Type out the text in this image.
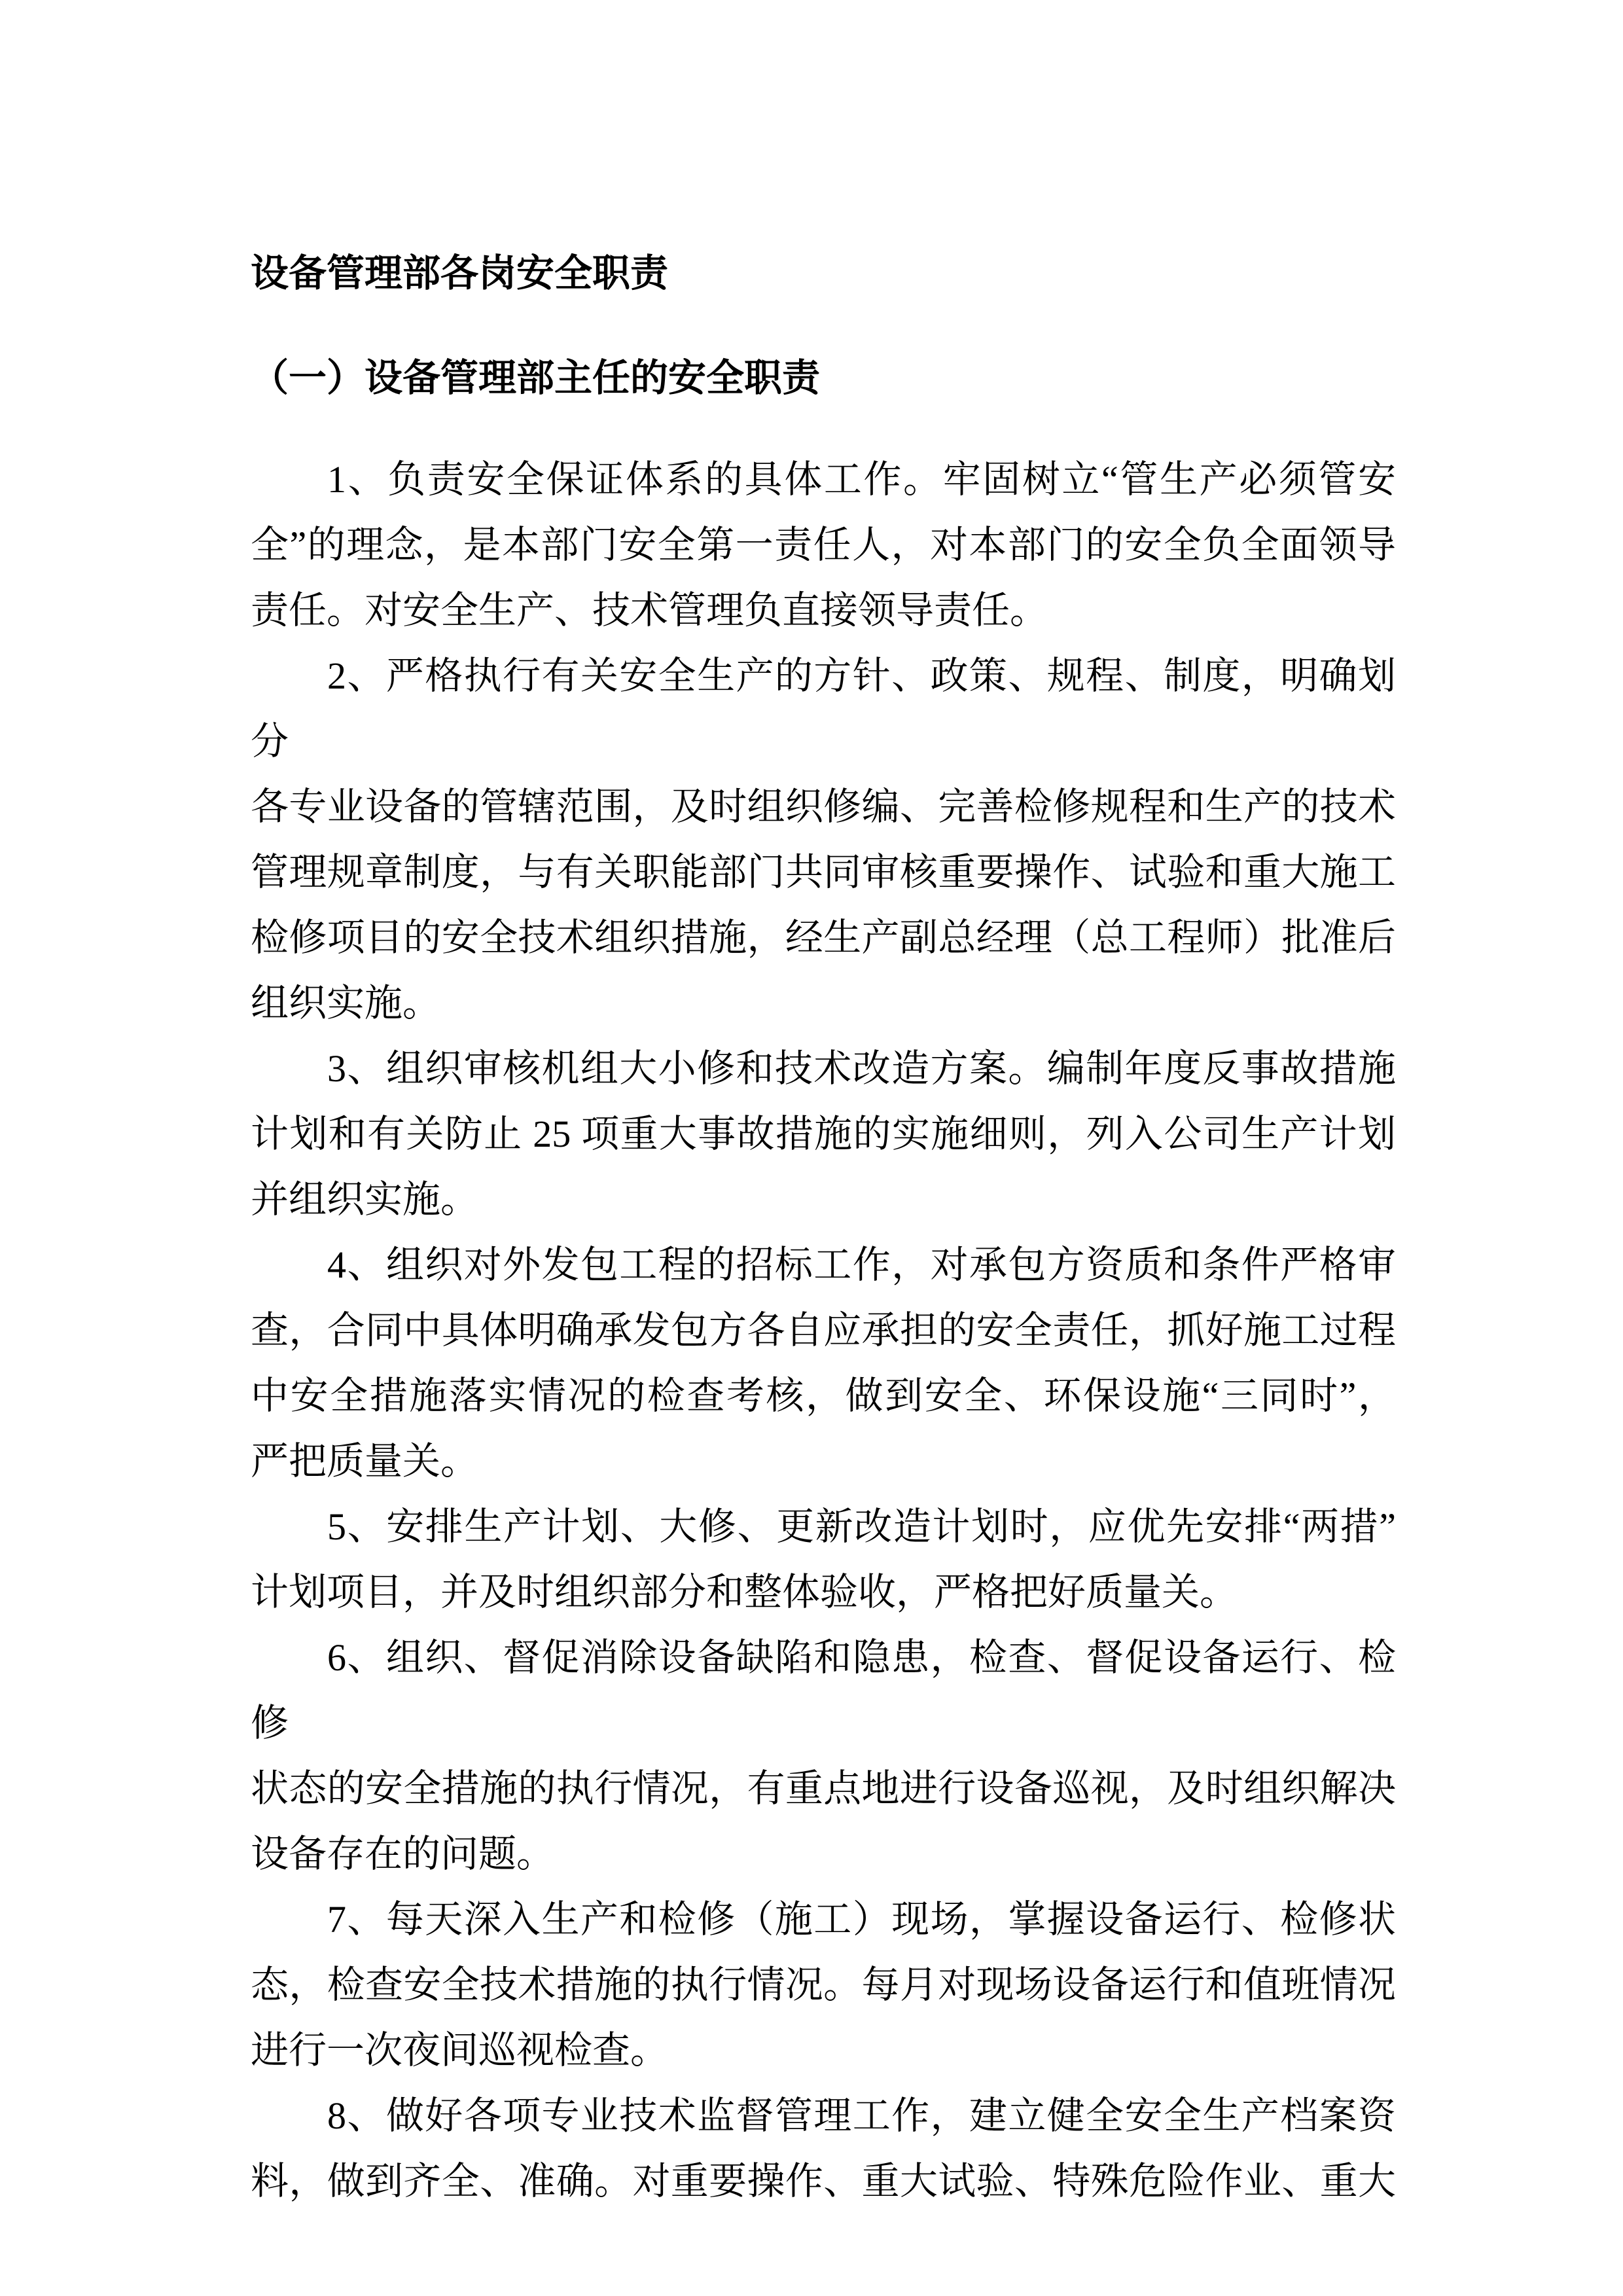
设备管理部各岗安全职责
（一）设备管理部主任的安全职责
1、负责安全保证体系的具体工作。牢固树立“管生产必须管安
全”的理念，是本部门安全第一责任人，对本部门的安全负全面领导
责任。对安全生产、技术管理负直接领导责任。
2、严格执行有关安全生产的方针、政策、规程、制度，明确划分
各专业设备的管辖范围，及时组织修编、完善检修规程和生产的技术
管理规章制度，与有关职能部门共同审核重要操作、试验和重大施工
检修项目的安全技术组织措施，经生产副总经理（总工程师）批准后
组织实施。
3、组织审核机组大小修和技术改造方案。编制年度反事故措施
计划和有关防止 25 项重大事故措施的实施细则，列入公司生产计划
并组织实施。
4、组织对外发包工程的招标工作，对承包方资质和条件严格审
查，合同中具体明确承发包方各自应承担的安全责任，抓好施工过程
中安全措施落实情况的检查考核，做到安全、环保设施“三同时”，
严把质量关。
5、安排生产计划、大修、更新改造计划时，应优先安排“两措”
计划项目，并及时组织部分和整体验收，严格把好质量关。
6、组织、督促消除设备缺陷和隐患，检查、督促设备运行、检修
状态的安全措施的执行情况，有重点地进行设备巡视，及时组织解决
设备存在的问题。
7、每天深入生产和检修（施工）现场，掌握设备运行、检修状
态，检查安全技术措施的执行情况。每月对现场设备运行和值班情况
进行一次夜间巡视检查。
8、做好各项专业技术监督管理工作，建立健全安全生产档案资
料，做到齐全、准确。对重要操作、重大试验、特殊危险作业、重大
